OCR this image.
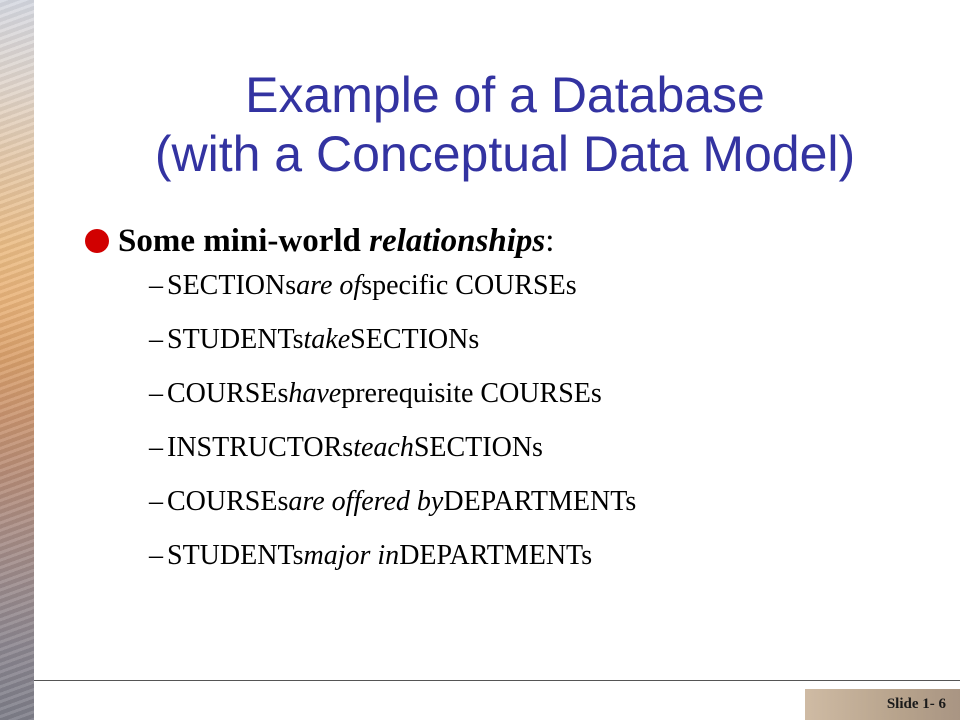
Example of a Database
(with a Conceptual Data Model)
Some mini-world relationships:
– SECTIONs are of specific COURSEs
– STUDENTs take SECTIONs
– COURSEs have prerequisite COURSEs
– INSTRUCTORs teach SECTIONs
– COURSEs are offered by DEPARTMENTs
– STUDENTs major in DEPARTMENTs

Slide 1- 6
